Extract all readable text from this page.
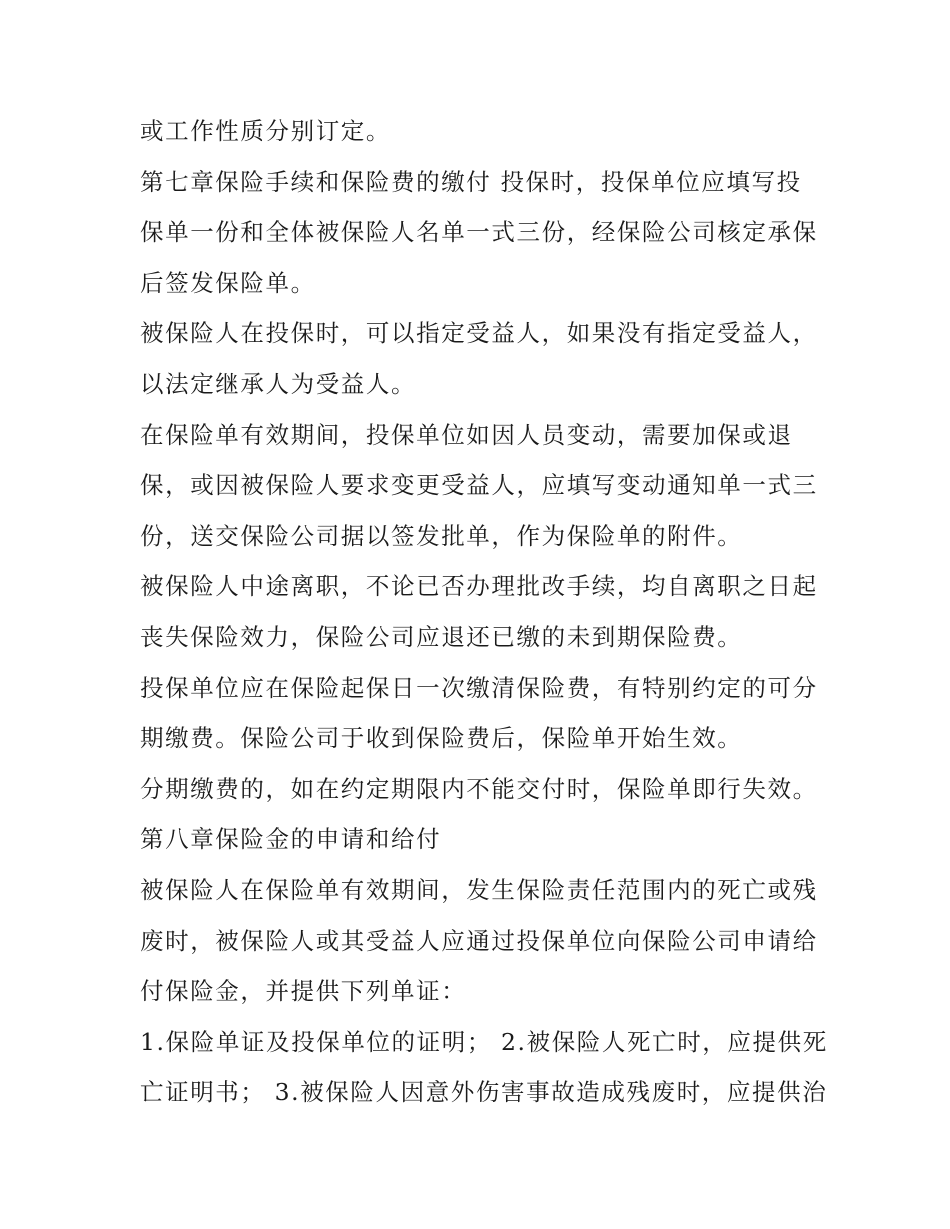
或工作性质分别订定。
第七章保险手续和保险费的缴付 投保时，投保单位应填写投
保单一份和全体被保险人名单一式三份，经保险公司核定承保
后签发保险单。
被保险人在投保时，可以指定受益人，如果没有指定受益人，
以法定继承人为受益人。
在保险单有效期间，投保单位如因人员变动，需要加保或退
保，或因被保险人要求变更受益人，应填写变动通知单一式三
份，送交保险公司据以签发批单，作为保险单的附件。
被保险人中途离职，不论已否办理批改手续，均自离职之日起
丧失保险效力，保险公司应退还已缴的未到期保险费。
投保单位应在保险起保日一次缴清保险费，有特别约定的可分
期缴费。保险公司于收到保险费后，保险单开始生效。
分期缴费的，如在约定期限内不能交付时，保险单即行失效。
第八章保险金的申请和给付
被保险人在保险单有效期间，发生保险责任范围内的死亡或残
废时，被保险人或其受益人应通过投保单位向保险公司申请给
付保险金，并提供下列单证：
1.保险单证及投保单位的证明； 2.被保险人死亡时，应提供死
亡证明书； 3.被保险人因意外伤害事故造成残废时，应提供治
